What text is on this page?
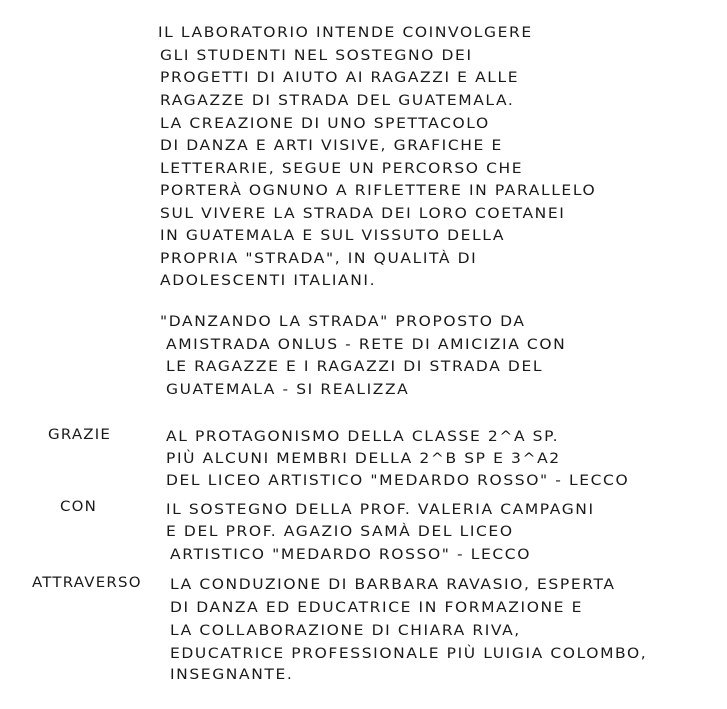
IL LABORATORIO INTENDE COINVOLGERE
GLI STUDENTI NEL SOSTEGNO DEI
PROGETTI DI AIUTO AI RAGAZZI E ALLE
RAGAZZE DI STRADA DEL GUATEMALA.
LA CREAZIONE DI UNO SPETTACOLO
DI DANZA E ARTI VISIVE, GRAFICHE E
LETTERARIE, SEGUE UN PERCORSO CHE
PORTERÀ OGNUNO A RIFLETTERE IN PARALLELO
SUL VIVERE LA STRADA DEI LORO COETANEI
IN GUATEMALA E SUL VISSUTO DELLA
PROPRIA "STRADA", IN QUALITÀ DI
ADOLESCENTI ITALIANI.
"DANZANDO LA STRADA" PROPOSTO DA
AMISTRADA ONLUS - RETE DI AMICIZIA CON
LE RAGAZZE E I RAGAZZI DI STRADA DEL
GUATEMALA - SI REALIZZA
GRAZIE	AL PROTAGONISMO DELLA CLASSE 2^A SP.
PIÙ ALCUNI MEMBRI DELLA 2^B SP E 3^A2
DEL LICEO ARTISTICO "MEDARDO ROSSO" - LECCO
CON	IL SOSTEGNO DELLA PROF. VALERIA CAMPAGNI
E DEL PROF. AGAZIO SAMÀ DEL LICEO
ARTISTICO "MEDARDO ROSSO" - LECCO
ATTRAVERSO LA CONDUZIONE DI BARBARA RAVASIO, ESPERTA
DI DANZA ED EDUCATRICE IN FORMAZIONE E
LA COLLABORAZIONE DI CHIARA RIVA,
EDUCATRICE PROFESSIONALE PIÙ LUIGIA COLOMBO,
INSEGNANTE.
